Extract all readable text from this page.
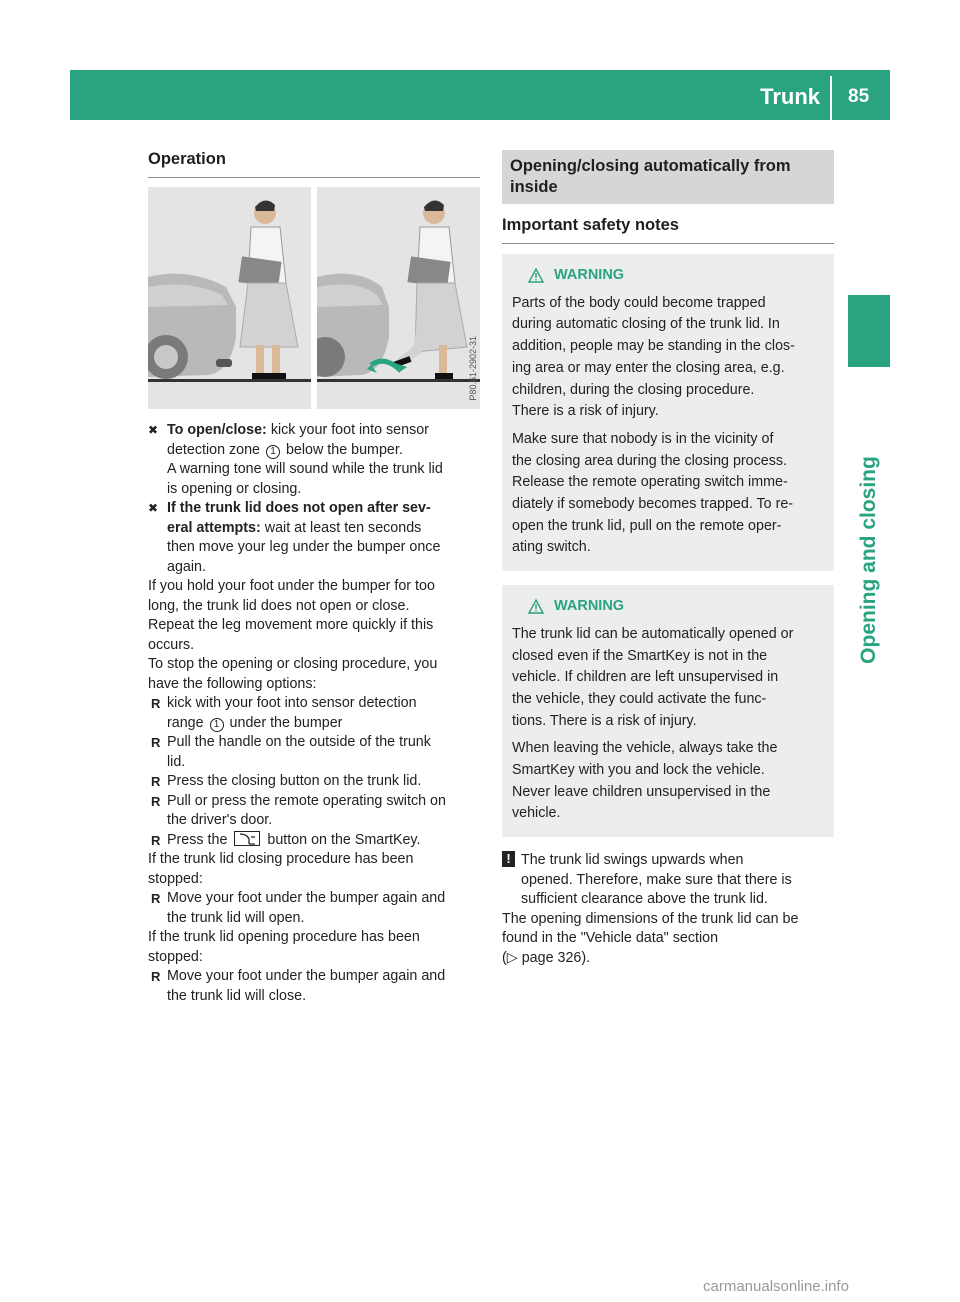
Trunk 85
Opening and closing
Operation
P80.61-2902-31
✖ To open/close: kick your foot into sensor
detection zone 1 below the bumper.
A warning tone will sound while the trunk lid
is opening or closing.
✖ If the trunk lid does not open after sev-
eral attempts: wait at least ten seconds
then move your leg under the bumper once
again.
If you hold your foot under the bumper for too
long, the trunk lid does not open or close.
Repeat the leg movement more quickly if this
occurs.
To stop the opening or closing procedure, you
have the following options:
R kick with your foot into sensor detection
range 1 under the bumper
R Pull the handle on the outside of the trunk
lid.
R Press the closing button on the trunk lid.
R Pull or press the remote operating switch on
the driver's door.
R Press the	button on the SmartKey.
If the trunk lid closing procedure has been
stopped:
R Move your foot under the bumper again and
the trunk lid will open.
If the trunk lid opening procedure has been
stopped:
R Move your foot under the bumper again and
the trunk lid will close.
Opening/closing automatically from
inside
Important safety notes
WARNING

Parts of the body could become trapped
during automatic closing of the trunk lid. In
addition, people may be standing in the clos-
ing area or may enter the closing area, e.g.
children, during the closing procedure.
There is a risk of injury.

Make sure that nobody is in the vicinity of
the closing area during the closing process.
Release the remote operating switch imme-
diately if somebody becomes trapped. To re-
open the trunk lid, pull on the remote oper-
ating switch.

WARNING

The trunk lid can be automatically opened or
closed even if the SmartKey is not in the
vehicle. If children are left unsupervised in
the vehicle, they could activate the func-
tions. There is a risk of injury.

When leaving the vehicle, always take the
SmartKey with you and lock the vehicle.
Never leave children unsupervised in the
vehicle.

! The trunk lid swings upwards when
opened. Therefore, make sure that there is
sufficient clearance above the trunk lid.
The opening dimensions of the trunk lid can be
found in the "Vehicle data" section
(▷ page 326).
carmanualsonline.info
